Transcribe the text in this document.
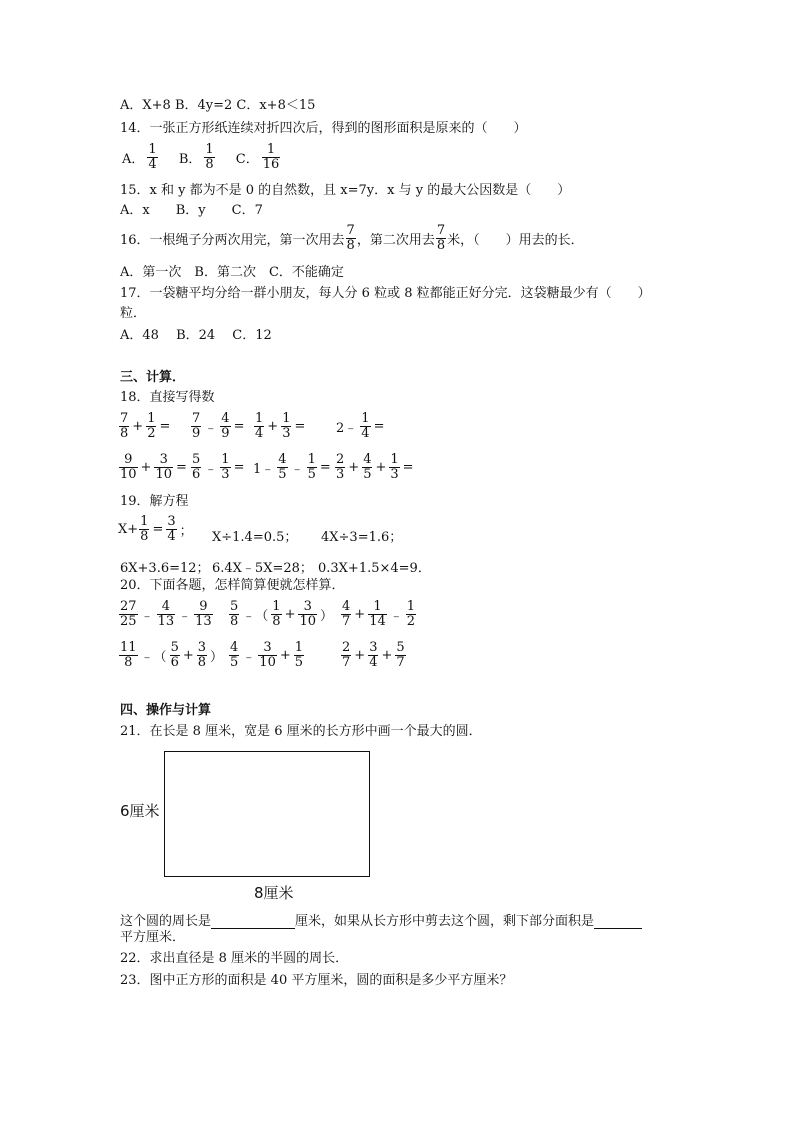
A．X+8 B．4y=2 C．x+8＜15
14．一张正方形纸连续对折四次后，得到的图形面积是原来的（　　）
A． $\frac{1}{4}$ B． $\frac{1}{8}$ C． $\frac{1}{16}$
15．x 和 y 都为不是 0 的自然数，且 x=7y．x 与 y 的最大公因数是（　　）
A．x　　B．y　　C．7
16．一根绳子分两次用完，第一次用去 $\frac{7}{8}$ ，第二次用去 $\frac{7}{8}$ 米，（　　）用去的长．
A．第一次　B．第二次　C．不能确定
17．一袋糖平均分给一群小朋友，每人分 6 粒或 8 粒都能正好分完．这袋糖最少有（　　）
粒．
A．48　 B．24　 C．12
三、计算．
18．直接写得数
$\frac{7}{8} + \frac{1}{2} = \frac{7}{9}$ ﹣ $\frac{4}{9} = \frac{1}{4} + \frac{1}{3}$ = 2﹣ $\frac{1}{4}$ =
$\frac{9}{10} + \frac{3}{10} = \frac{5}{6}$ ﹣ $\frac{1}{3}$ = 1﹣ $\frac{4}{5}$ ﹣ $\frac{1}{5} = \frac{2}{3} + \frac{4}{5} + \frac{1}{3}$ =
19．解方程
$X+ \frac{1}{8} = \frac{3}{4}$ ； X÷1.4=0.5； 4X÷3=1.6；
6X+3.6=12； 6.4X﹣5X=28； 0.3X+1.5×4=9．
20．下面各题，怎样简算便就怎样算．
$\frac{27}{25}$ ﹣ $\frac{4}{13}$ ﹣ $\frac{9}{13} \frac{5}{8}$ ﹣（ $\frac{1}{8} + \frac{3}{10}$ ） $\frac{4}{7} + \frac{1}{14}$ ﹣ $\frac{1}{2}$
$\frac{11}{8}$ ﹣（ $\frac{5}{6} + \frac{3}{8}$ ） $\frac{4}{5}$ ﹣ $\frac{3}{10} + \frac{1}{5}$	$\frac{2}{7} + \frac{3}{4} + \frac{5}{7}$
四、操作与计算
21．在长是 8 厘米，宽是 6 厘米的长方形中画一个最大的圆．
6厘米
8厘米
这个圆的周长是	厘米，如果从长方形中剪去这个圆，剩下部分面积是
平方厘米．
22．求出直径是 8 厘米的半圆的周长．
23．图中正方形的面积是 40 平方厘米，圆的面积是多少平方厘米？
